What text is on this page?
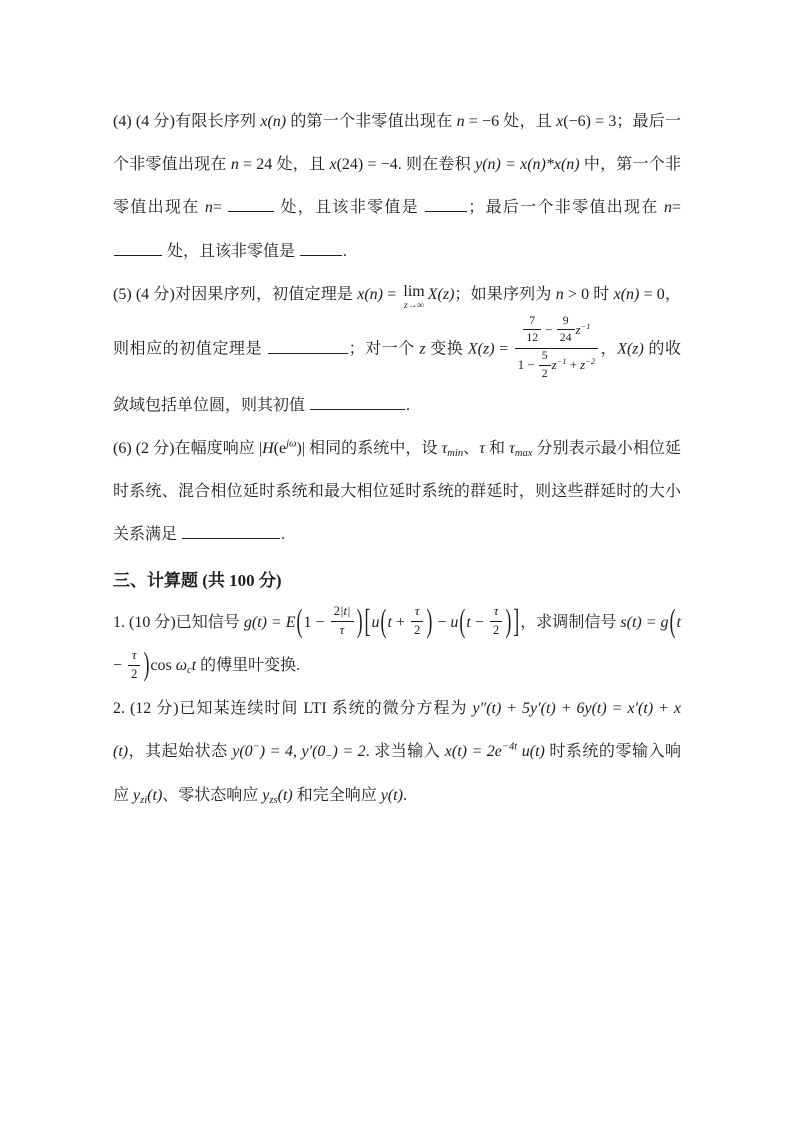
(4) (4 分)有限长序列 x(n) 的第一个非零值出现在 n = −6 处，且 x(−6) = 3；最后一个非零值出现在 n = 24 处，且 x(24) = −4. 则在卷积 y(n) = x(n)*x(n) 中，第一个非零值出现在 n=	处，且该非零值是	；最后一个非零值出现在 n=  处，且该非零值是	.

(5) (4 分)对因果序列，初值定理是 x(n) = lim
z→∞
X(z)；如果序列为 n > 0 时 x(n) = 0，则相应的初值定理是	；对一个 z 变换 $X(z) = \frac{\frac{7}{12} - \frac{9}{24} z^{-1}}{1 - \frac{5}{2} z^{-1} + z^{-2}}$ ，X(z) 的收敛域包括单位圆，则其初值	.

(6) (2 分)在幅度响应 $|H(e^{j\omega})|$ 相同的系统中，设 τmin、τ 和 τmax 分别表示最小相位延时系统、混合相位延时系统和最大相位延时系统的群延时，则这些群延时的大小关系满足	.

三、计算题 (共 100 分)

1. (10 分)已知信号 $g(t) = E(1 - \frac{2|t|}{\tau}$ ) [$u(t + \frac{\tau}{2}$ ) − $u(t - \frac{\tau}{2}$ ) ]，求调制信号 $s(t) = g(t - \frac{\tau}{2} )\cos$ ωct 的傅里叶变换.

2. (12 分)已知某连续时间 LTI 系统的微分方程为 y″(t) + 5y′(t) + 6y(t) = x′(t) + x(t)，其起始状态 y(0−) = 4, y′(0−) = 2. 求当输入 $x(t) = 2e^{-4t}$ u(t) 时系统的零输入响应 yzi(t)、零状态响应 yzs(t) 和完全响应 y(t).
